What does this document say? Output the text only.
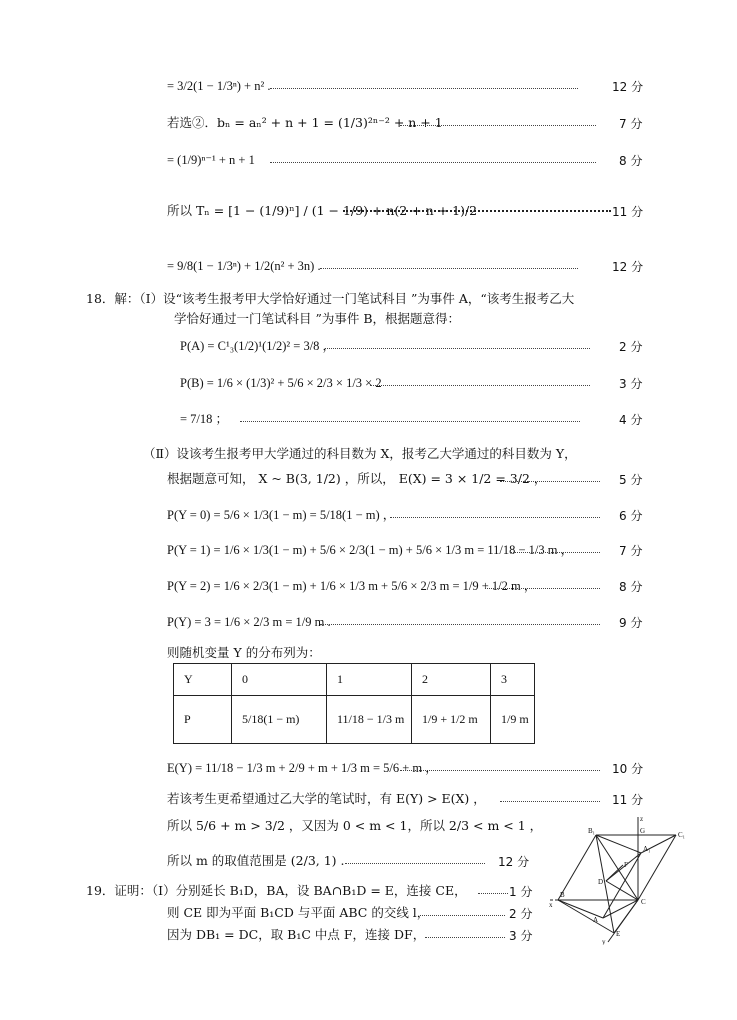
= 3/2(1 − 1/3ⁿ) + n² .	12 分
若选②．bₙ = aₙ² + n + 1 = (1/3)²ⁿ⁻² + n + 1	7 分
= (1/9)ⁿ⁻¹ + n + 1	8 分
所以 Tₙ = [1 − (1/9)ⁿ] / (1 − 1/9) + n(2 + n + 1)/2	11 分
= 9/8(1 − 1/3ⁿ) + 1/2(n² + 3n) .	12 分
18．解：（Ⅰ）设“该考生报考甲大学恰好通过一门笔试科目 ”为事件 A，“该考生报考乙大
学恰好通过一门笔试科目 ”为事件 B，根据题意得：
P(A) = C¹₃(1/2)¹(1/2)² = 3/8 ，	2 分
P(B) = 1/6 × (1/3)² + 5/6 × 2/3 × 1/3 × 2	3 分
= 7/18 ；	4 分
（Ⅱ）设该考生报考甲大学通过的科目数为 X，报考乙大学通过的科目数为 Y，
根据题意可知， X ~ B(3, 1/2) ，所以， E(X) = 3 × 1/2 = 3/2 ，	5 分
P(Y = 0) = 5/6 × 1/3(1 − m) = 5/18(1 − m) ，	6 分
P(Y = 1) = 1/6 × 1/3(1 − m) + 5/6 × 2/3(1 − m) + 5/6 × 1/3 m = 11/18 − 1/3 m ，	7 分
P(Y = 2) = 1/6 × 2/3(1 − m) + 1/6 × 1/3 m + 5/6 × 2/3 m = 1/9 + 1/2 m ，	8 分
P(Y) = 3 = 1/6 × 2/3 m = 1/9 m .	9 分
则随机变量 Y 的分布列为：
Y	0	1	2	3
P	5/18(1 − m)	11/18 − 1/3 m	1/9 + 1/2 m	1/9 m
E(Y) = 11/18 − 1/3 m + 2/9 + m + 1/3 m = 5/6 + m ，	10 分
若该考生更希望通过乙大学的笔试时，有 E(Y) > E(X) ，	11 分
所以 5/6 + m > 3/2 ，又因为 0 < m < 1，所以 2/3 < m < 1 ，
所以 m 的取值范围是 (2/3, 1) .	12 分
19．证明：（Ⅰ）分别延长 B₁D，BA，设 BA∩B₁D = E，连接 CE，	1 分
则 CE 即为平面 B₁CD 与平面 ABC 的交线 l，	2 分
因为 DB₁ = DC，取 B₁C 中点 F，连接 DF，	3 分
B₁	G	C₁
A₁
D
F
B
C
A
E
x
y
z
